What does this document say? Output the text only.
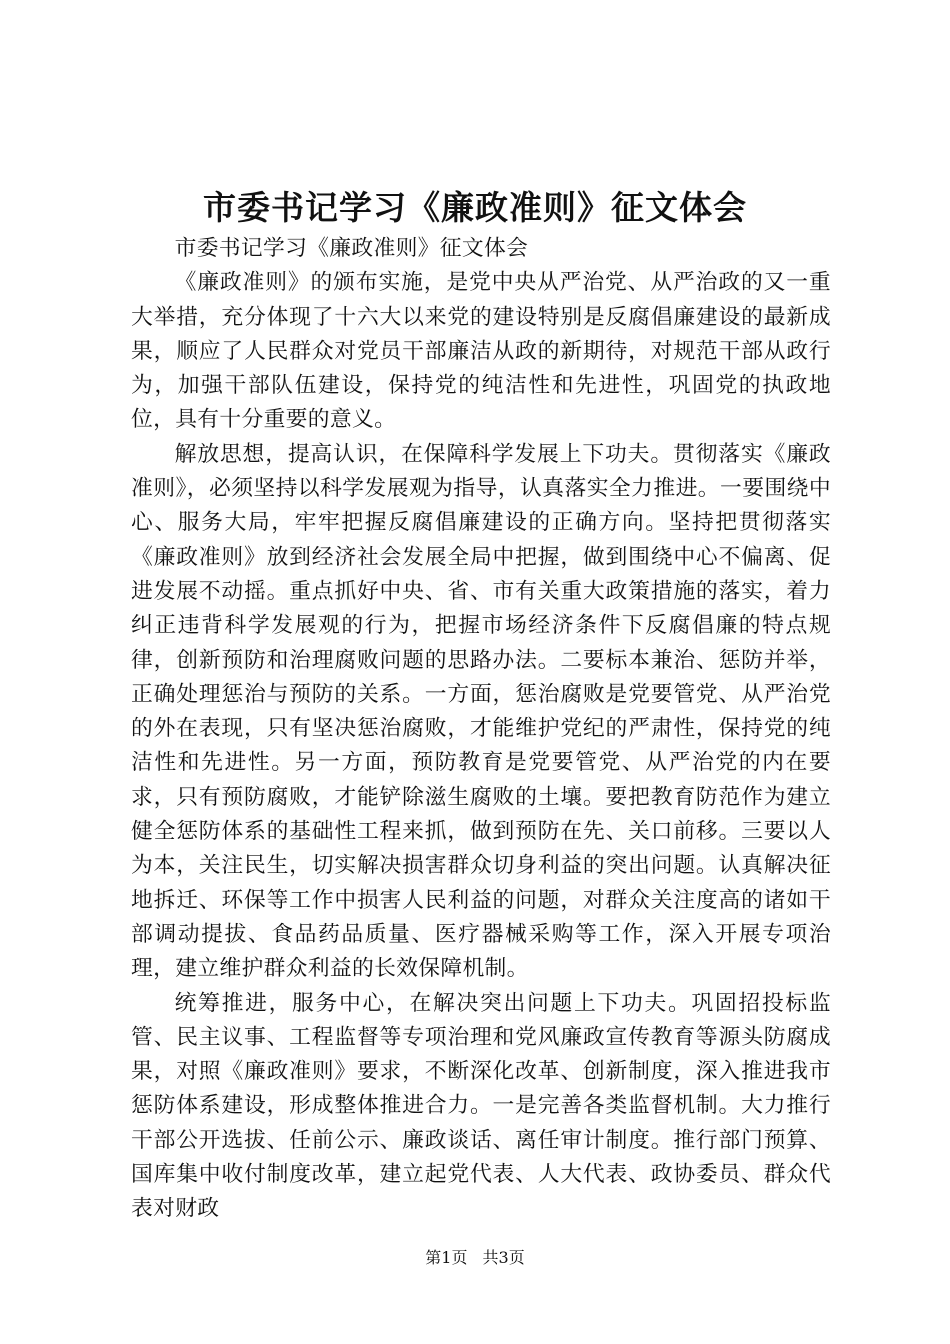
市委书记学习《廉政准则》征文体会

市委书记学习《廉政准则》征文体会

《廉政准则》的颁布实施，是党中央从严治党、从严治政的又一重大举措，充分体现了十六大以来党的建设特别是反腐倡廉建设的最新成果，顺应了人民群众对党员干部廉洁从政的新期待，对规范干部从政行为，加强干部队伍建设，保持党的纯洁性和先进性，巩固党的执政地位，具有十分重要的意义。

解放思想，提高认识，在保障科学发展上下功夫。贯彻落实《廉政准则》，必须坚持以科学发展观为指导，认真落实全力推进。一要围绕中心、服务大局，牢牢把握反腐倡廉建设的正确方向。坚持把贯彻落实《廉政准则》放到经济社会发展全局中把握，做到围绕中心不偏离、促进发展不动摇。重点抓好中央、省、市有关重大政策措施的落实，着力纠正违背科学发展观的行为，把握市场经济条件下反腐倡廉的特点规律，创新预防和治理腐败问题的思路办法。二要标本兼治、惩防并举，正确处理惩治与预防的关系。一方面，惩治腐败是党要管党、从严治党的外在表现，只有坚决惩治腐败，才能维护党纪的严肃性，保持党的纯洁性和先进性。另一方面，预防教育是党要管党、从严治党的内在要求，只有预防腐败，才能铲除滋生腐败的土壤。要把教育防范作为建立健全惩防体系的基础性工程来抓，做到预防在先、关口前移。三要以人为本，关注民生，切实解决损害群众切身利益的突出问题。认真解决征地拆迁、环保等工作中损害人民利益的问题，对群众关注度高的诸如干部调动提拔、食品药品质量、医疗器械采购等工作，深入开展专项治理，建立维护群众利益的长效保障机制。

统筹推进，服务中心，在解决突出问题上下功夫。巩固招投标监管、民主议事、工程监督等专项治理和党风廉政宣传教育等源头防腐成果，对照《廉政准则》要求，不断深化改革、创新制度，深入推进我市惩防体系建设，形成整体推进合力。一是完善各类监督机制。大力推行干部公开选拔、任前公示、廉政谈话、离任审计制度。推行部门预算、国库集中收付制度改革，建立起党代表、人大代表、政协委员、群众代表对财政

第1页 共3页
